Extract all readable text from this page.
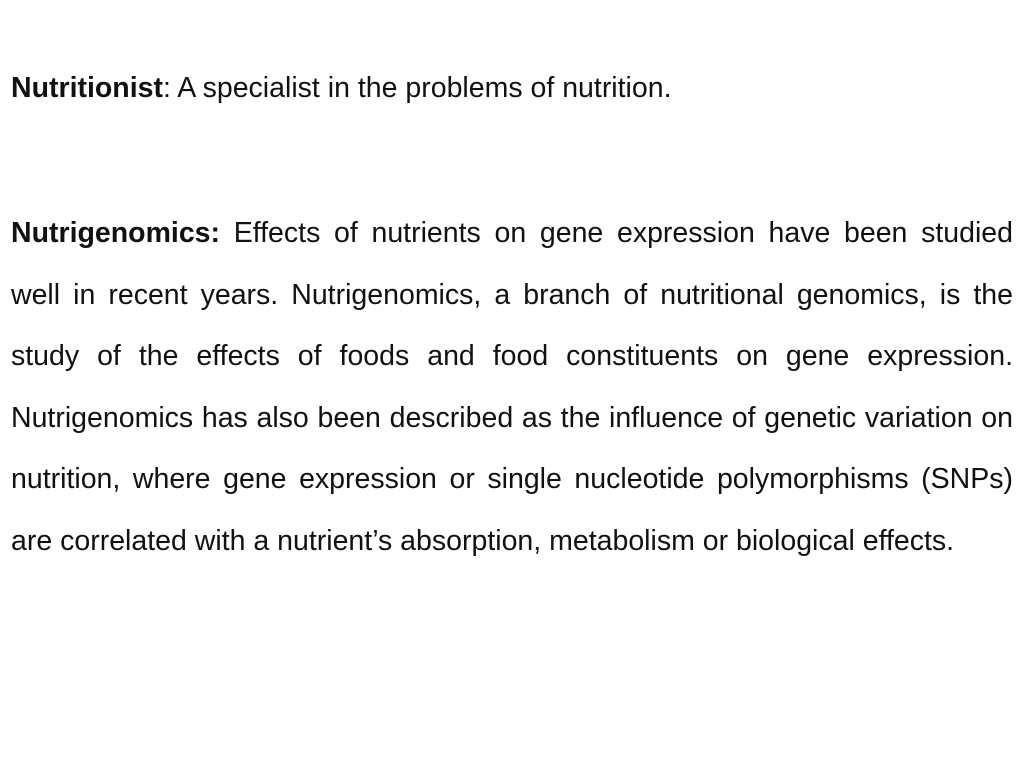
Nutritionist: A specialist in the problems of nutrition.

Nutrigenomics: Effects of nutrients on gene expression have been studied well in recent years. Nutrigenomics, a branch of nutritional genomics, is the study of the effects of foods and food constituents on gene expression. Nutrigenomics has also been described as the influence of genetic variation on nutrition, where gene expression or single nucleotide polymorphisms (SNPs) are correlated with a nutrient’s absorption, metabolism or biological effects.
